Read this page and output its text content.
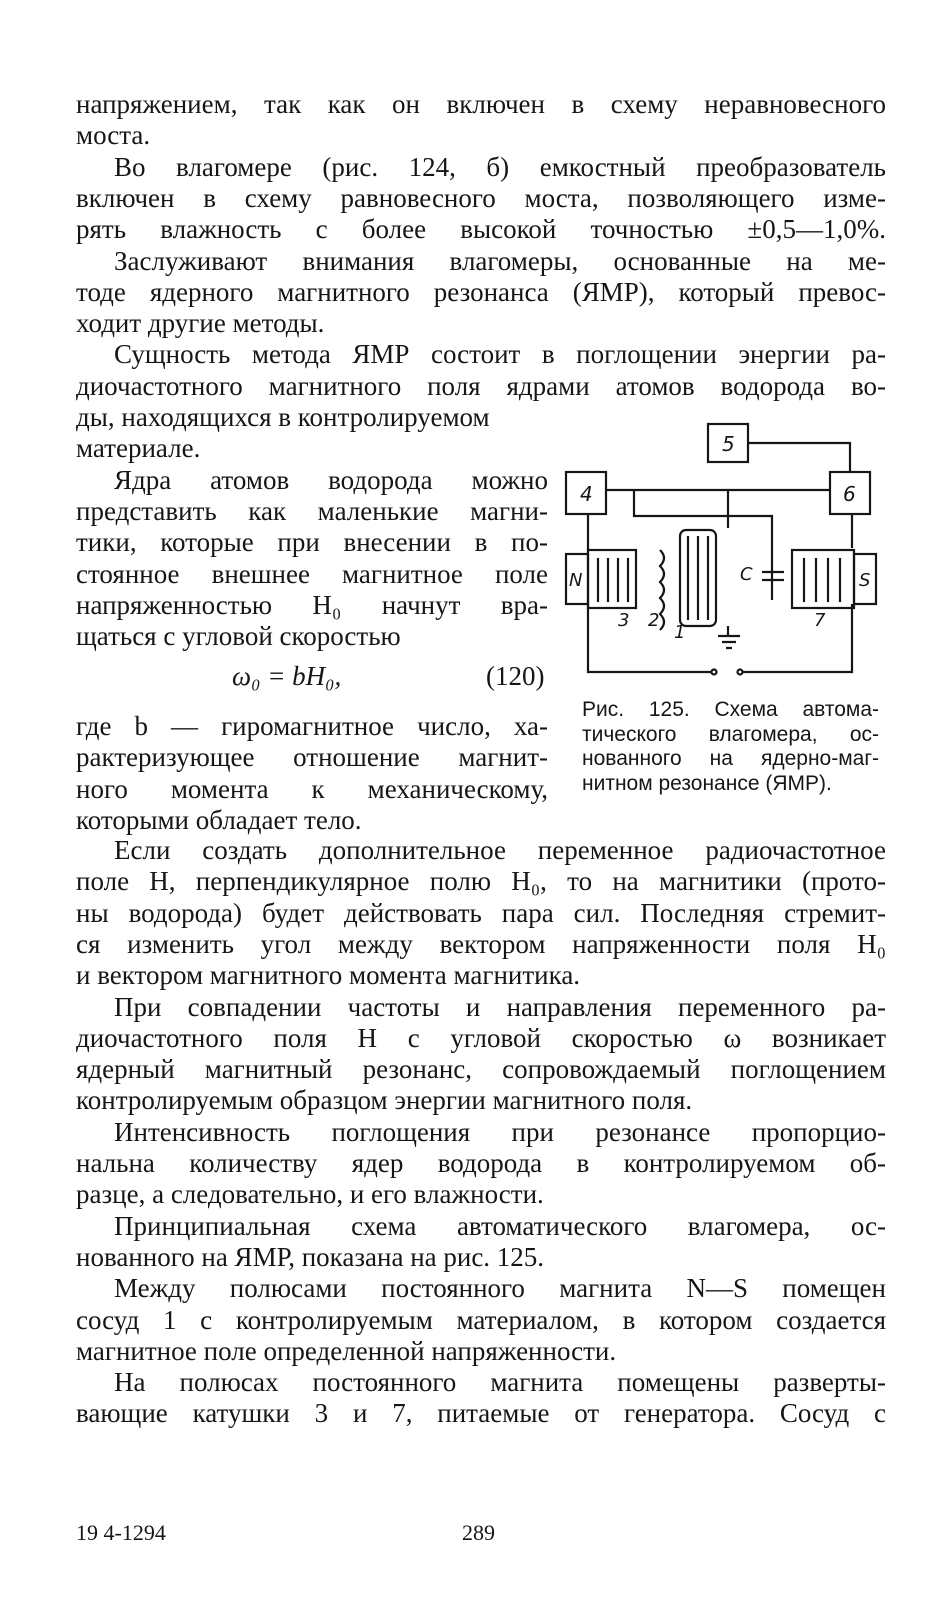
напряжением, так как он включен в схему неравновесного
моста.
Во влагомере (рис. 124, б) емкостный преобразователь
включен в схему равновесного моста, позволяющего изме-
рять влажность с более высокой точностью ±0,5—1,0%.
Заслуживают внимания влагомеры, основанные на ме-
тоде ядерного магнитного резонанса (ЯМР), который превос-
ходит другие методы.
Сущность метода ЯМР состоит в поглощении энергии ра-
диочастотного магнитного поля ядрами атомов водорода во-
ды, находящихся в контролируемом
материале.
Ядра атомов водорода можно
представить как маленькие магни-
тики, которые при внесении в по-
стоянное внешнее магнитное поле
напряженностью H₀ начнут вра-
щаться с угловой скоростью
ω₀ = bH₀,	(120)
где b — гиромагнитное число, ха-
рактеризующее отношение магнит-
ного момента к механическому,
которыми обладает тело.
5
4	6
N	S
C
3 2
1
7
Рис. 125. Схема автома-
тического влагомера, ос-
нованного на ядерно-маг-
нитном резонансе (ЯМР).
Если создать дополнительное переменное радиочастотное
поле H, перпендикулярное полю H₀, то на магнитики (прото-
ны водорода) будет действовать пара сил. Последняя стремит-
ся изменить угол между вектором напряженности поля H₀
и вектором магнитного момента магнитика.
При совпадении частоты и направления переменного ра-
диочастотного поля H с угловой скоростью ω возникает
ядерный магнитный резонанс, сопровождаемый поглощением
контролируемым образцом энергии магнитного поля.
Интенсивность поглощения при резонансе пропорцио-
нальна количеству ядер водорода в контролируемом об-
разце, а следовательно, и его влажности.
Принципиальная схема автоматического влагомера, ос-
нованного на ЯМР, показана на рис. 125.
Между полюсами постоянного магнита N—S помещен
сосуд 1 с контролируемым материалом, в котором создается
магнитное поле определенной напряженности.
На полюсах постоянного магнита помещены разверты-
вающие катушки 3 и 7, питаемые от генератора. Сосуд с
19 4-1294	289
